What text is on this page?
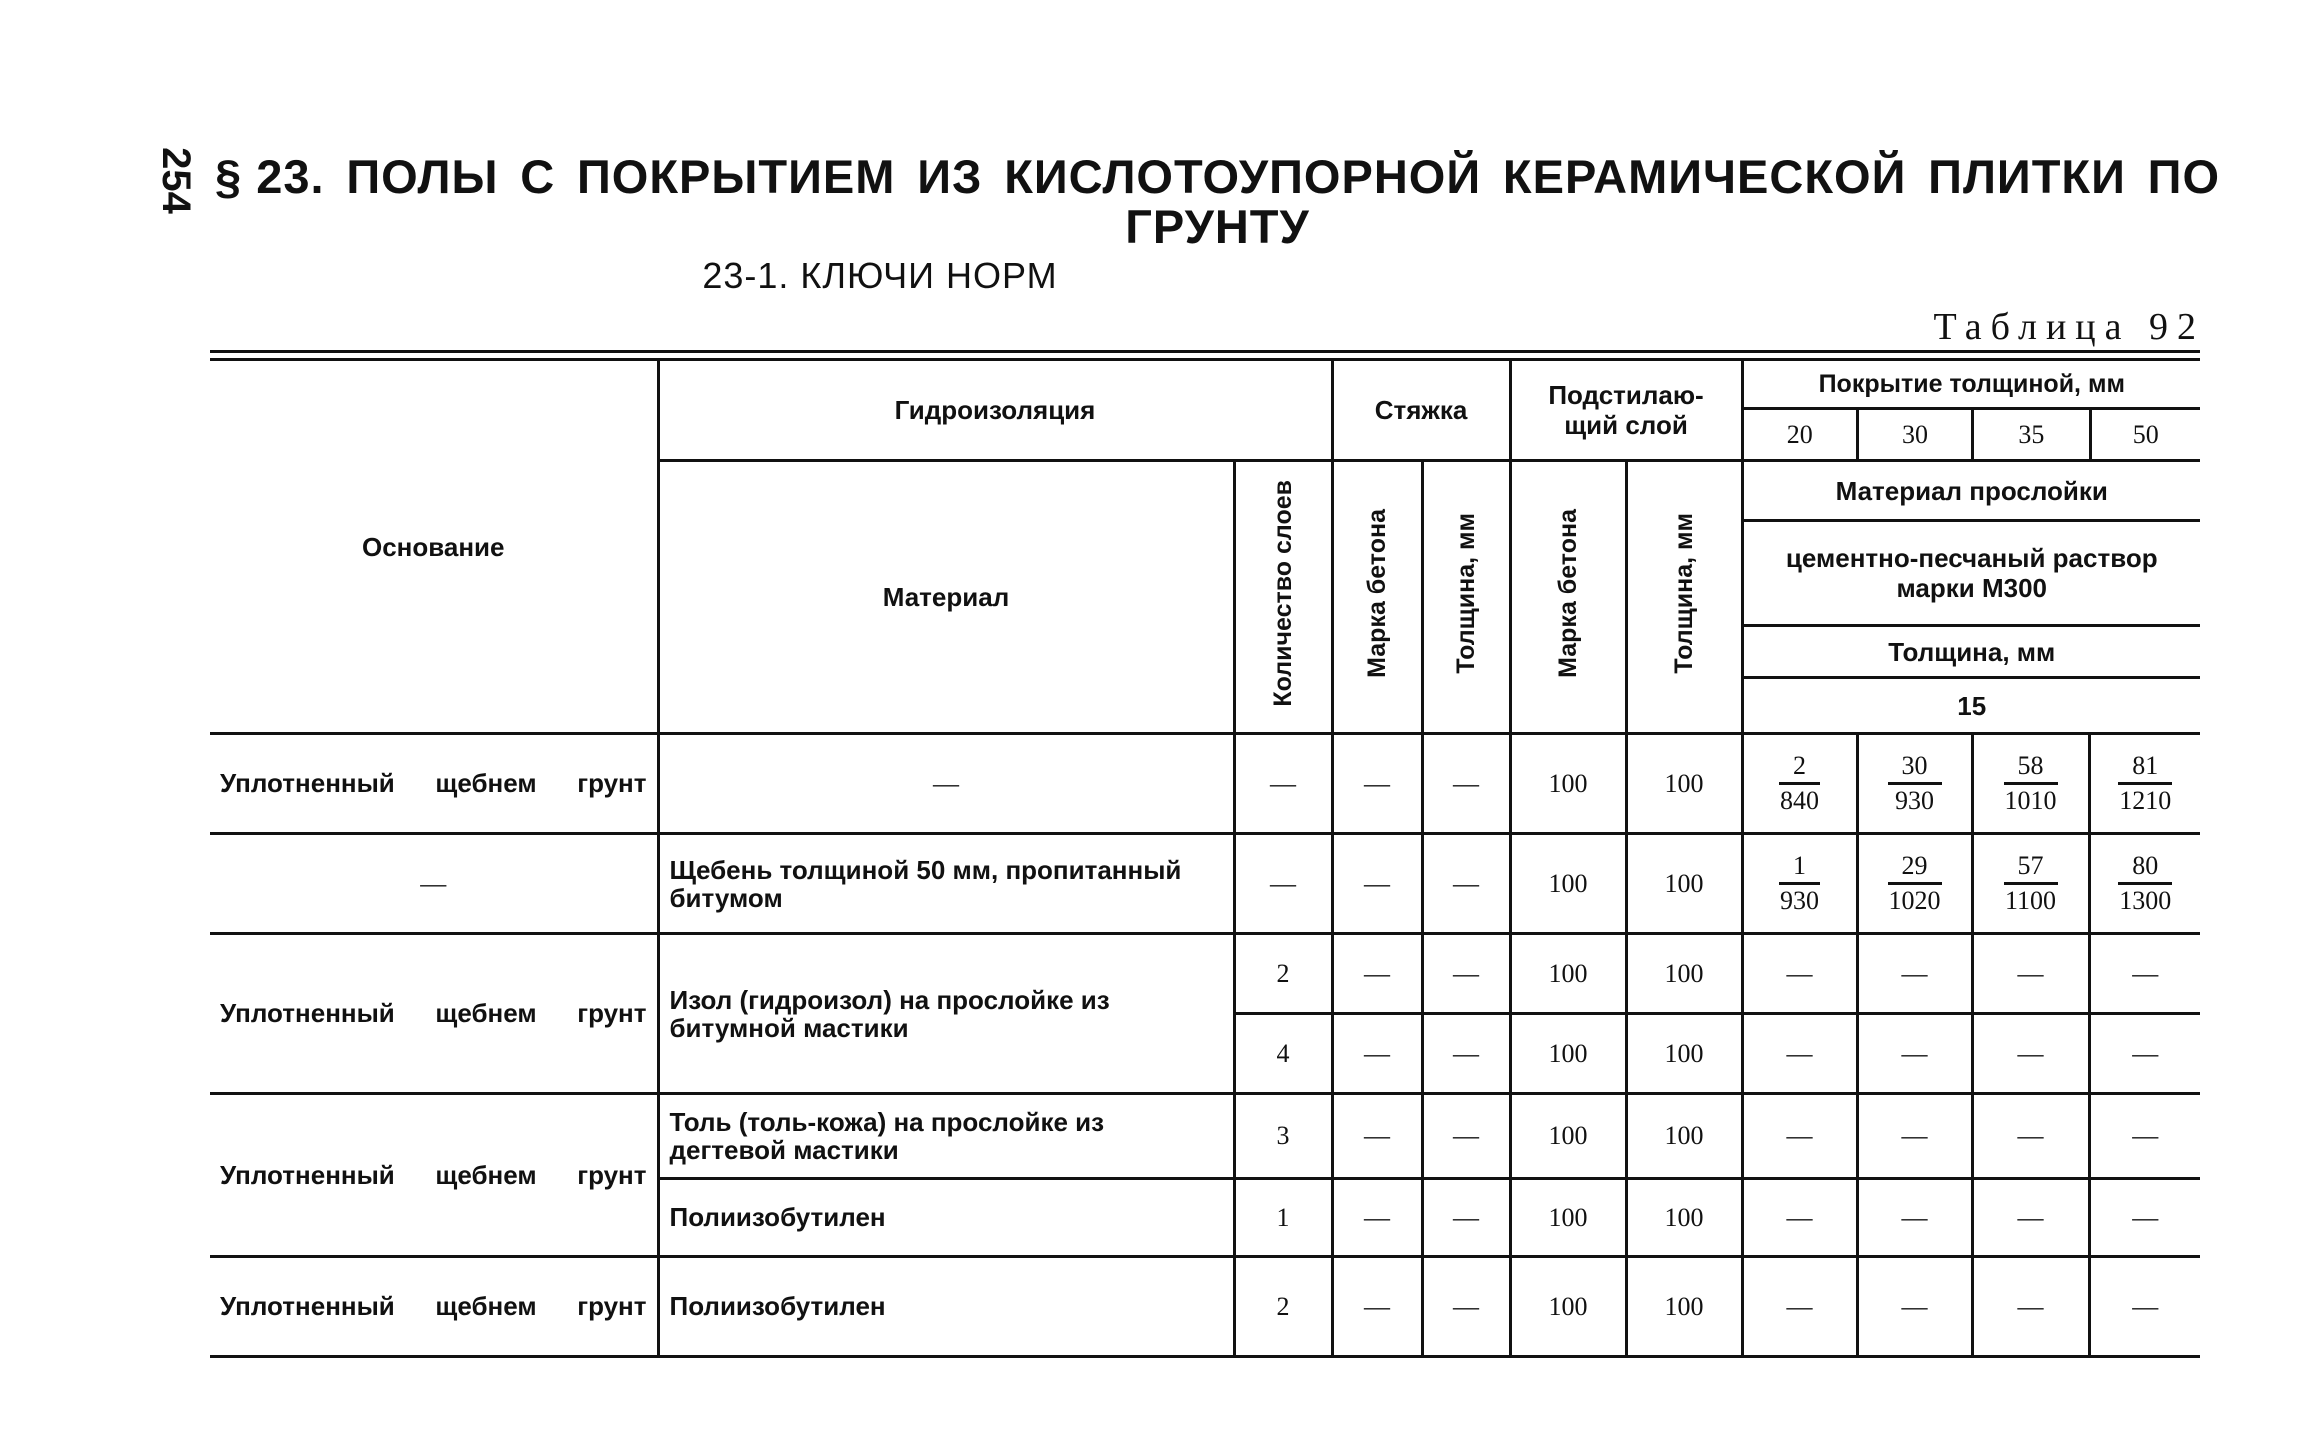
254 § 23. ПОЛЫ С ПОКРЫТИЕМ ИЗ КИСЛОТОУПОРНОЙ КЕРАМИЧЕСКОЙ ПЛИТКИ ПО
ГРУНТУ
23-1. КЛЮЧИ НОРМ
Таблица 92
Основание	Гидроизоляция		Стяжка		Подстилаю-щий слой		Покрытие толщиной, мм
20 30 35 50			

	Материал	Количество слоев	Марка бетона	Толщина, мм	Марка бетона	Толщина, мм	Материал прослойки			
							цементно-песчаный раствор марки М300			
							Толщина, мм			
							15			
Уплотненный щебнем грунт	—	—	—	—	100	100	$\frac{2}{840}$	$\frac{30}{930}$	$\frac{58}{1010}$	$\frac{81}{1210}$

—	Щебень толщиной 50 мм, пропитанный битумом	—	—	—	100	100	$\frac{1}{930}$	$\frac{29}{1020}$	$\frac{57}{1100}$	$\frac{80}{1300}$

Уплотненный щебнем грунт	Изол (гидроизол) на прослойке из битумной мастики	2	—	—	100	100	—	—	—	—
		4	—	—	100	100	—	—	—	—
Уплотненный щебнем грунт	Толь (толь-кожа) на прослойке из дегтевой мастики	3	—	—	100	100	—	—	—	—
	Полиизобутилен	1	—	—	100	100	—	—	—	—
Уплотненный щебнем грунт	Полиизобутилен	2	—	—	100	100	—	—	—	—
